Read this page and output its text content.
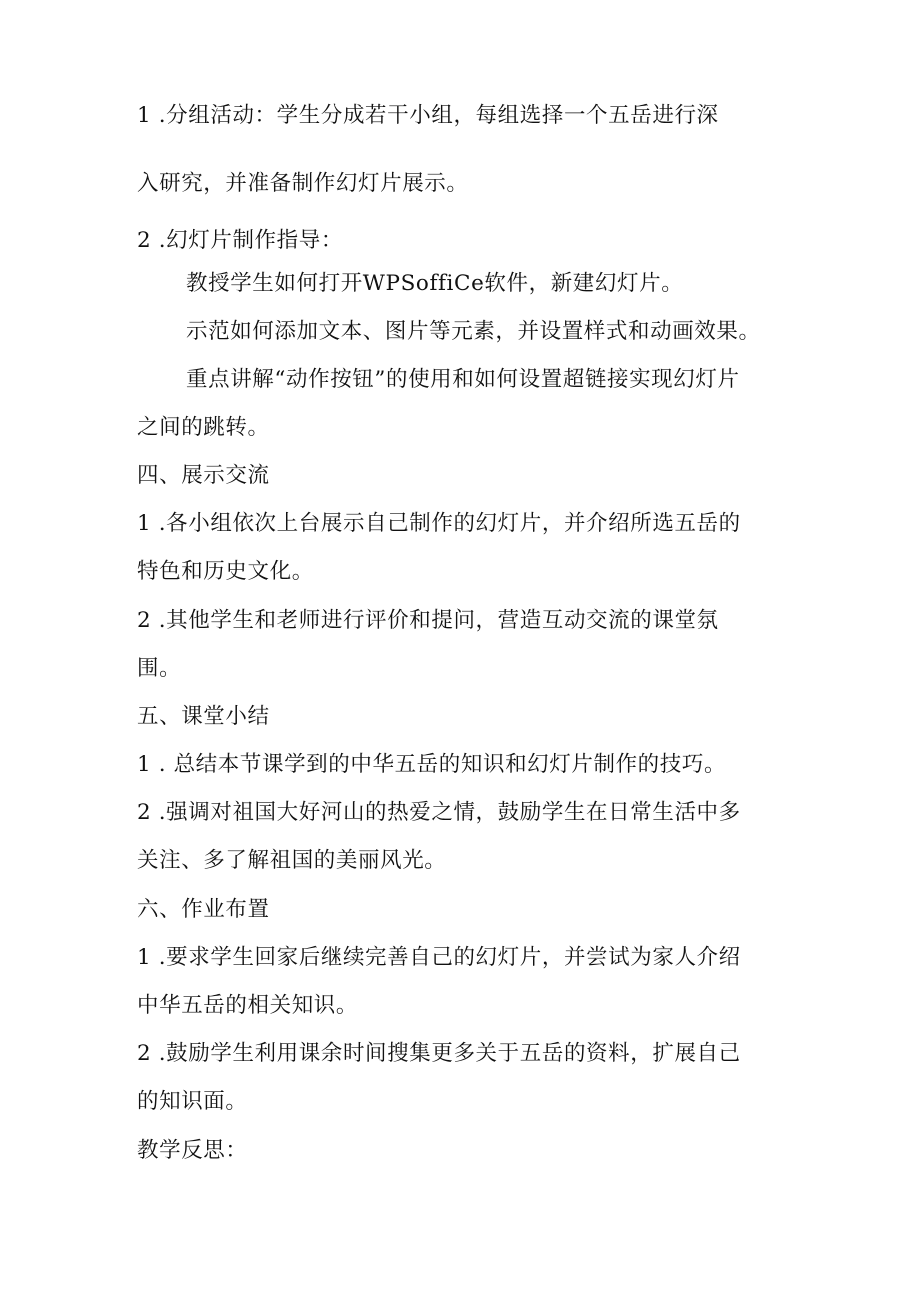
1 .分组活动：学生分成若干小组，每组选择一个五岳进行深
入研究，并准备制作幻灯片展示。
2 .幻灯片制作指导：
教授学生如何打开WPSoffiCe软件，新建幻灯片。
示范如何添加文本、图片等元素，并设置样式和动画效果。
重点讲解“动作按钮”的使用和如何设置超链接实现幻灯片
之间的跳转。
四、展示交流
1 .各小组依次上台展示自己制作的幻灯片，并介绍所选五岳的
特色和历史文化。
2 .其他学生和老师进行评价和提问，营造互动交流的课堂氛
围。
五、课堂小结
1 . 总结本节课学到的中华五岳的知识和幻灯片制作的技巧。
2 .强调对祖国大好河山的热爱之情，鼓励学生在日常生活中多
关注、多了解祖国的美丽风光。
六、作业布置
1 .要求学生回家后继续完善自己的幻灯片，并尝试为家人介绍
中华五岳的相关知识。
2 .鼓励学生利用课余时间搜集更多关于五岳的资料，扩展自己
的知识面。
教学反思：
